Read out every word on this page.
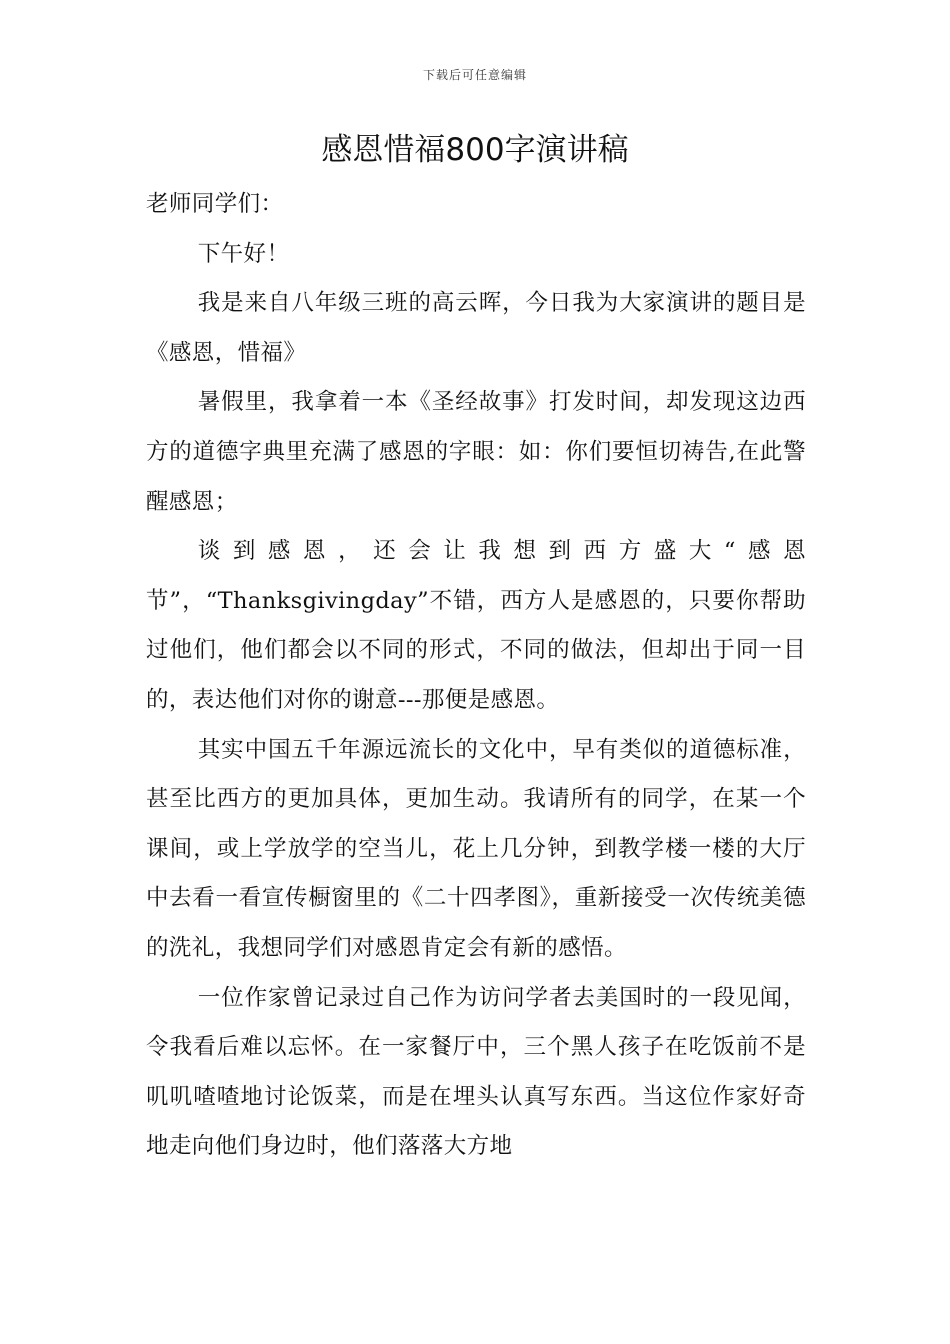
下载后可任意编辑
感恩惜福800字演讲稿

老师同学们：

下午好！

我是来自八年级三班的高云晖，今日我为大家演讲的题目是《感恩，惜福》

暑假里，我拿着一本《圣经故事》打发时间，却发现这边西方的道德字典里充满了感恩的字眼：如：你们要恒切祷告,在此警醒感恩；

谈到感恩，还会让我想到西方盛大“感恩节”，“Thanksgivingday”不错，西方人是感恩的，只要你帮助过他们，他们都会以不同的形式，不同的做法，但却出于同一目的，表达他们对你的谢意---那便是感恩。

其实中国五千年源远流长的文化中，早有类似的道德标准，甚至比西方的更加具体，更加生动。我请所有的同学，在某一个课间，或上学放学的空当儿，花上几分钟，到教学楼一楼的大厅中去看一看宣传橱窗里的《二十四孝图》，重新接受一次传统美德的洗礼，我想同学们对感恩肯定会有新的感悟。

一位作家曾记录过自己作为访问学者去美国时的一段见闻，令我看后难以忘怀。在一家餐厅中，三个黑人孩子在吃饭前不是叽叽喳喳地讨论饭菜，而是在埋头认真写东西。当这位作家好奇地走向他们身边时，他们落落大方地
